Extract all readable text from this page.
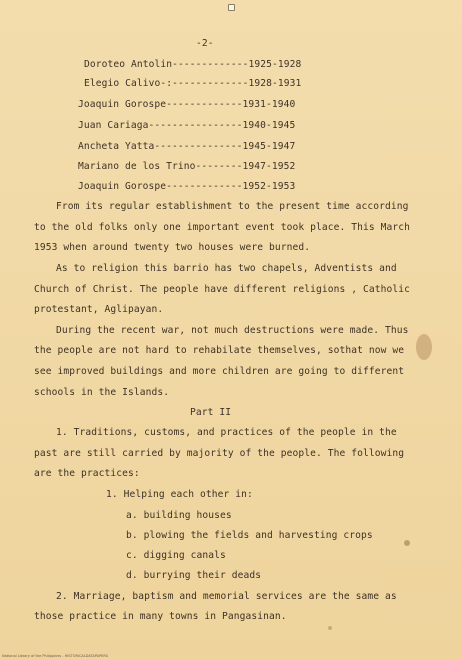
-2-
Doroteo Antolin-------------1925-1928
Elegio Calivo-:-------------1928-1931
Joaquin Gorospe-------------1931-1940
Juan Cariaga----------------1940-1945
Ancheta Yatta---------------1945-1947
Mariano de los Trino--------1947-1952
Joaquin Gorospe-------------1952-1953
From its regular establishment to the present time according
to the old folks only one important event took place. This March
1953 when around twenty two houses were burned.
As to religion this barrio has two chapels, Adventists and
Church of Christ. The people have different religions , Catholic
protestant, Aglipayan.
During the recent war, not much destructions were made. Thus
the people are not hard to rehabilate themselves, sothat now we
see improved buildings and more children are going to different
schools in the Islands.
Part II
1. Traditions, customs, and practices of the people in the
past are still carried by majority of the people. The following
are the practices:
1. Helping each other in:
a. building houses
b. plowing the fields and harvesting crops
c. digging canals
d. burrying their deads
2. Marriage, baptism and memorial services are the same as
those practice in many towns in Pangasinan.
National Library of the Philippines - HISTORICALDATAPAPERS
